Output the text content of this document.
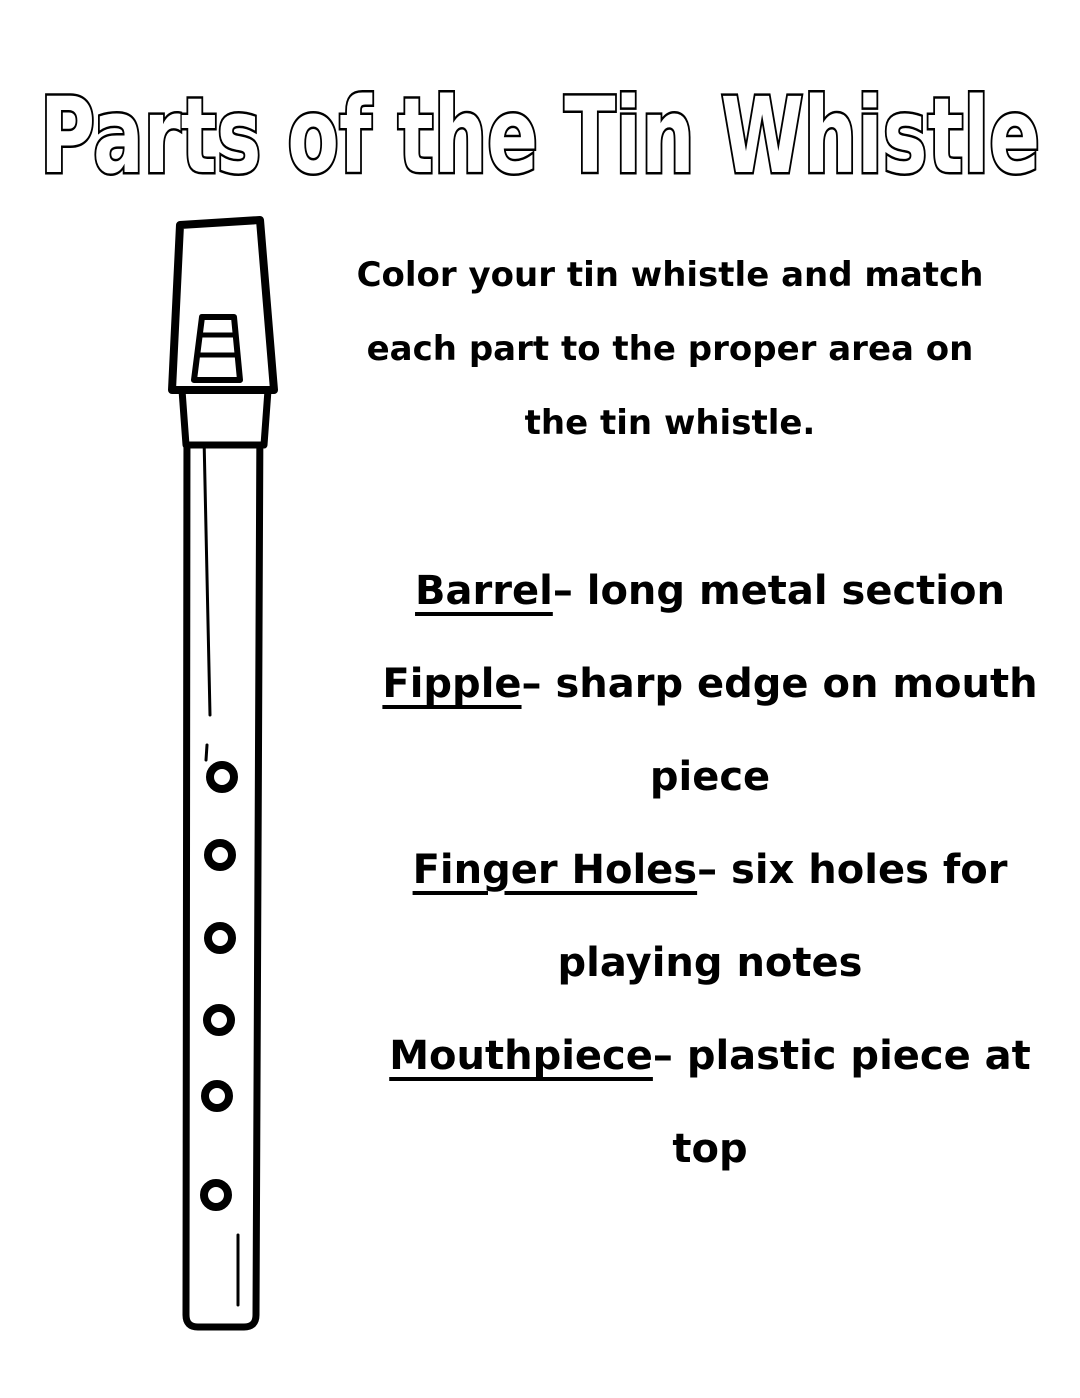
Parts of the Tin Whistle
Color your tin whistle and match
each part to the proper area on
the tin whistle.
Barrel– long metal section
Fipple– sharp edge on mouth piece
Finger Holes– six holes for playing notes
Mouthpiece– plastic piece at top
